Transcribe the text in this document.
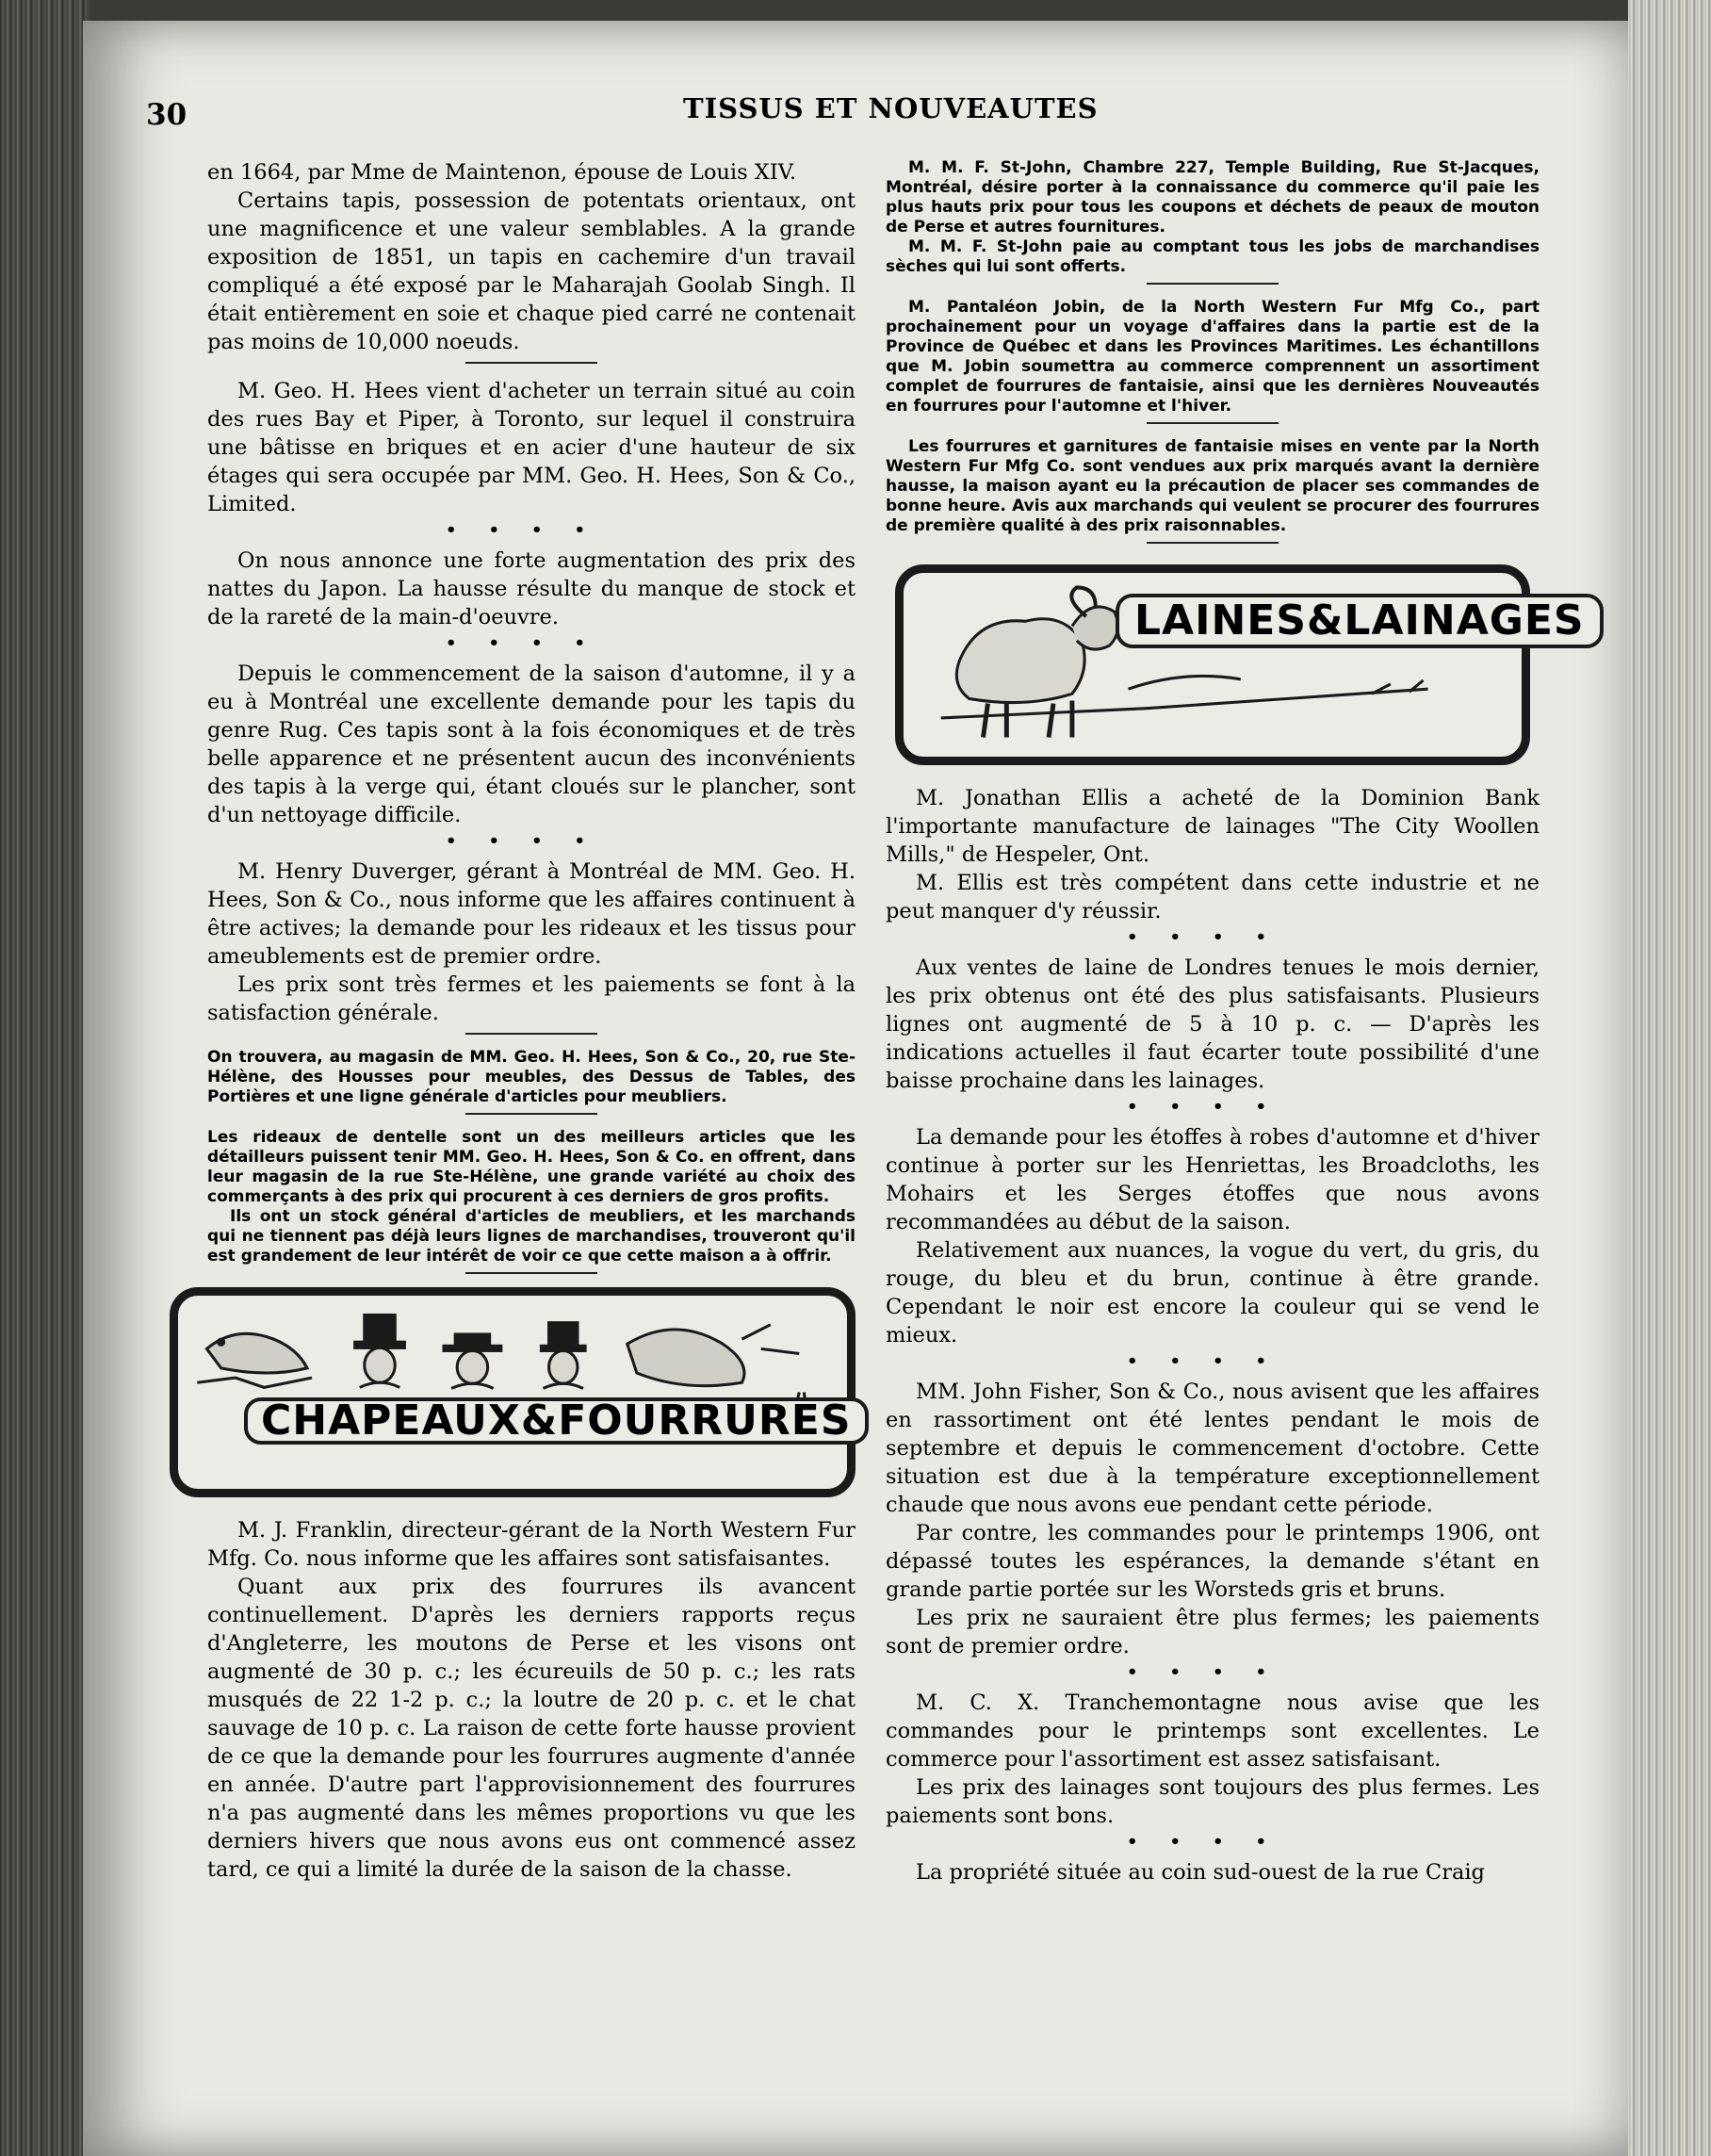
30	TISSUS ET NOUVEAUTES

en 1664, par Mme de Maintenon, épouse de Louis XIV.

Certains tapis, possession de potentats orientaux, ont une magnificence et une valeur semblables. A la grande exposition de 1851, un tapis en cachemire d'un travail compliqué a été exposé par le Maharajah Goolab Singh. Il était entièrement en soie et chaque pied carré ne contenait pas moins de 10,000 noeuds.

M. Geo. H. Hees vient d'acheter un terrain situé au coin des rues Bay et Piper, à Toronto, sur lequel il construira une bâtisse en briques et en acier d'une hauteur de six étages qui sera occupée par MM. Geo. H. Hees, Son & Co., Limited.

••••

On nous annonce une forte augmentation des prix des nattes du Japon. La hausse résulte du manque de stock et de la rareté de la main-d'oeuvre.

••••

Depuis le commencement de la saison d'automne, il y a eu à Montréal une excellente demande pour les tapis du genre Rug. Ces tapis sont à la fois économiques et de très belle apparence et ne présentent aucun des inconvénients des tapis à la verge qui, étant cloués sur le plancher, sont d'un nettoyage difficile.

••••

M. Henry Duverger, gérant à Montréal de MM. Geo. H. Hees, Son & Co., nous informe que les affaires continuent à être actives; la demande pour les rideaux et les tissus pour ameublements est de premier ordre.

Les prix sont très fermes et les paiements se font à la satisfaction générale.

On trouvera, au magasin de MM. Geo. H. Hees, Son & Co., 20, rue Ste-Hélène, des Housses pour meubles, des Dessus de Tables, des Portières et une ligne générale d'articles pour meubliers.

Les rideaux de dentelle sont un des meilleurs articles que les détailleurs puissent tenir MM. Geo. H. Hees, Son & Co. en offrent, dans leur magasin de la rue Ste-Hélène, une grande variété au choix des commerçants à des prix qui procurent à ces derniers de gros profits.

Ils ont un stock général d'articles de meubliers, et les marchands qui ne tiennent pas déjà leurs lignes de marchandises, trouveront qu'il est grandement de leur intérêt de voir ce que cette maison a à offrir.

CHAPEAUX&FOURRURES

M. J. Franklin, directeur-gérant de la North Western Fur Mfg. Co. nous informe que les affaires sont satisfaisantes.

Quant aux prix des fourrures ils avancent continuellement. D'après les derniers rapports reçus d'Angleterre, les moutons de Perse et les visons ont augmenté de 30 p. c.; les écureuils de 50 p. c.; les rats musqués de 22 1-2 p. c.; la loutre de 20 p. c. et le chat sauvage de 10 p. c. La raison de cette forte hausse provient de ce que la demande pour les fourrures augmente d'année en année. D'autre part l'approvisionnement des fourrures n'a pas augmenté dans les mêmes proportions vu que les derniers hivers que nous avons eus ont commencé assez tard, ce qui a limité la durée de la saison de la chasse.

M. M. F. St-John, Chambre 227, Temple Building, Rue St-Jacques, Montréal, désire porter à la connaissance du commerce qu'il paie les plus hauts prix pour tous les coupons et déchets de peaux de mouton de Perse et autres fournitures.

M. M. F. St-John paie au comptant tous les jobs de marchandises sèches qui lui sont offerts.

M. Pantaléon Jobin, de la North Western Fur Mfg Co., part prochainement pour un voyage d'affaires dans la partie est de la Province de Québec et dans les Provinces Maritimes. Les échantillons que M. Jobin soumettra au commerce comprennent un assortiment complet de fourrures de fantaisie, ainsi que les dernières Nouveautés en fourrures pour l'automne et l'hiver.

Les fourrures et garnitures de fantaisie mises en vente par la North Western Fur Mfg Co. sont vendues aux prix marqués avant la dernière hausse, la maison ayant eu la précaution de placer ses commandes de bonne heure. Avis aux marchands qui veulent se procurer des fourrures de première qualité à des prix raisonnables.

LAINES&LAINAGES

M. Jonathan Ellis a acheté de la Dominion Bank l'importante manufacture de lainages "The City Woollen Mills," de Hespeler, Ont.

M. Ellis est très compétent dans cette industrie et ne peut manquer d'y réussir.

••••

Aux ventes de laine de Londres tenues le mois dernier, les prix obtenus ont été des plus satisfaisants. Plusieurs lignes ont augmenté de 5 à 10 p. c. — D'après les indications actuelles il faut écarter toute possibilité d'une baisse prochaine dans les lainages.

••••

La demande pour les étoffes à robes d'automne et d'hiver continue à porter sur les Henriettas, les Broadcloths, les Mohairs et les Serges étoffes que nous avons recommandées au début de la saison.

Relativement aux nuances, la vogue du vert, du gris, du rouge, du bleu et du brun, continue à être grande. Cependant le noir est encore la couleur qui se vend le mieux.

••••

MM. John Fisher, Son & Co., nous avisent que les affaires en rassortiment ont été lentes pendant le mois de septembre et depuis le commencement d'octobre. Cette situation est due à la température exceptionnellement chaude que nous avons eue pendant cette période.

Par contre, les commandes pour le printemps 1906, ont dépassé toutes les espérances, la demande s'étant en grande partie portée sur les Worsteds gris et bruns.

Les prix ne sauraient être plus fermes; les paiements sont de premier ordre.

••••

M. C. X. Tranchemontagne nous avise que les commandes pour le printemps sont excellentes. Le commerce pour l'assortiment est assez satisfaisant.

Les prix des lainages sont toujours des plus fermes. Les paiements sont bons.

••••

La propriété située au coin sud-ouest de la rue Craig
